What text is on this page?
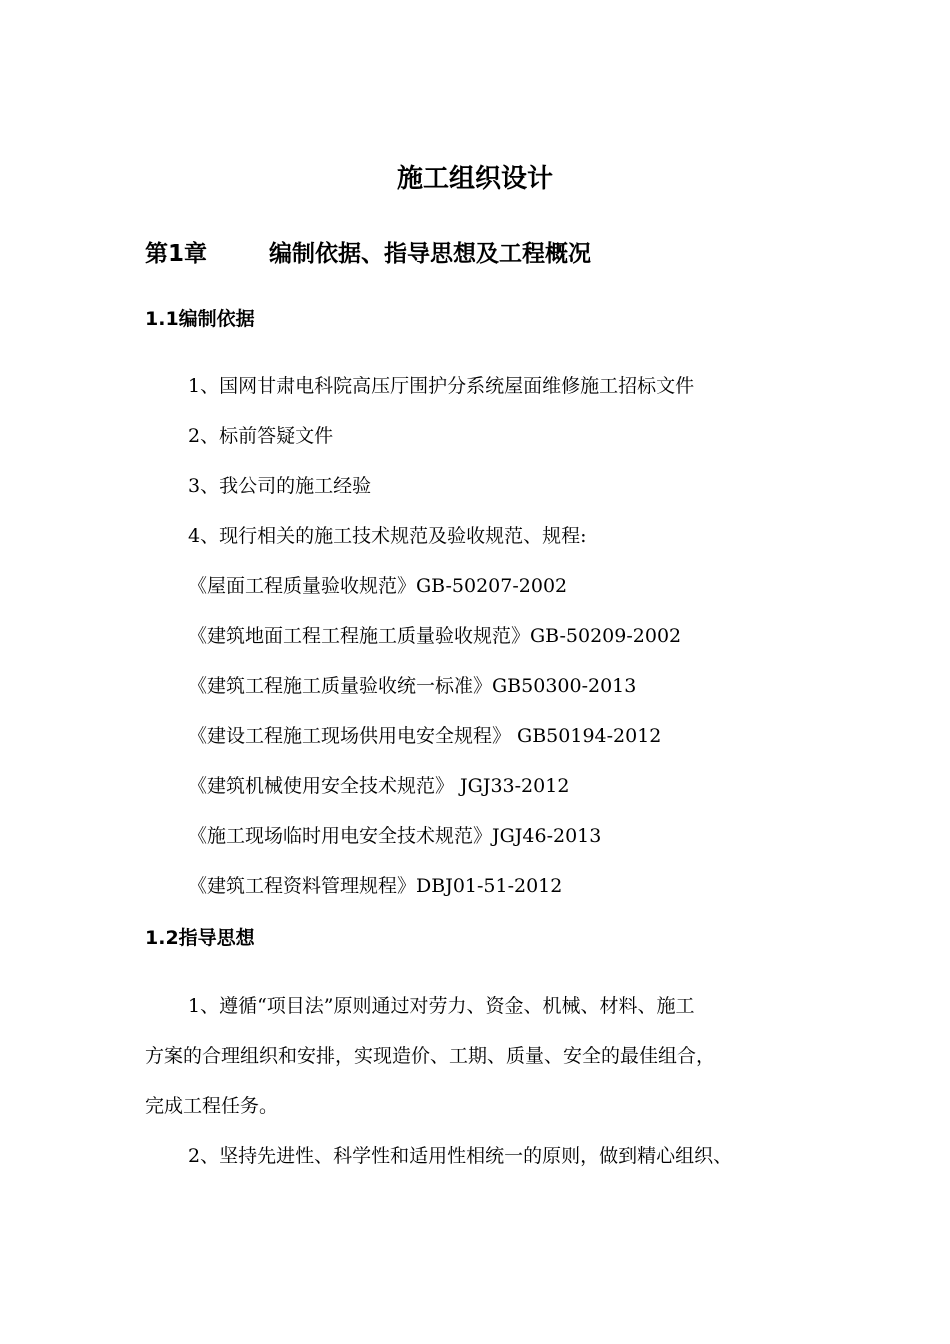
施工组织设计
第1章	编制依据、指导思想及工程概况
1.1编制依据
1、国网甘肃电科院高压厅围护分系统屋面维修施工招标文件
2、标前答疑文件
3、我公司的施工经验
4、现行相关的施工技术规范及验收规范、规程:
《屋面工程质量验收规范》GB-50207-2002
《建筑地面工程工程施工质量验收规范》GB-50209-2002
《建筑工程施工质量验收统一标准》GB50300-2013
《建设工程施工现场供用电安全规程》 GB50194-2012
《建筑机械使用安全技术规范》 JGJ33-2012
《施工现场临时用电安全技术规范》JGJ46-2013
《建筑工程资料管理规程》DBJ01-51-2012
1.2指导思想
1、遵循“项目法”原则通过对劳力、资金、机械、材料、施工
方案的合理组织和安排，实现造价、工期、质量、安全的最佳组合，
完成工程任务。
2、坚持先进性、科学性和适用性相统一的原则，做到精心组织、
